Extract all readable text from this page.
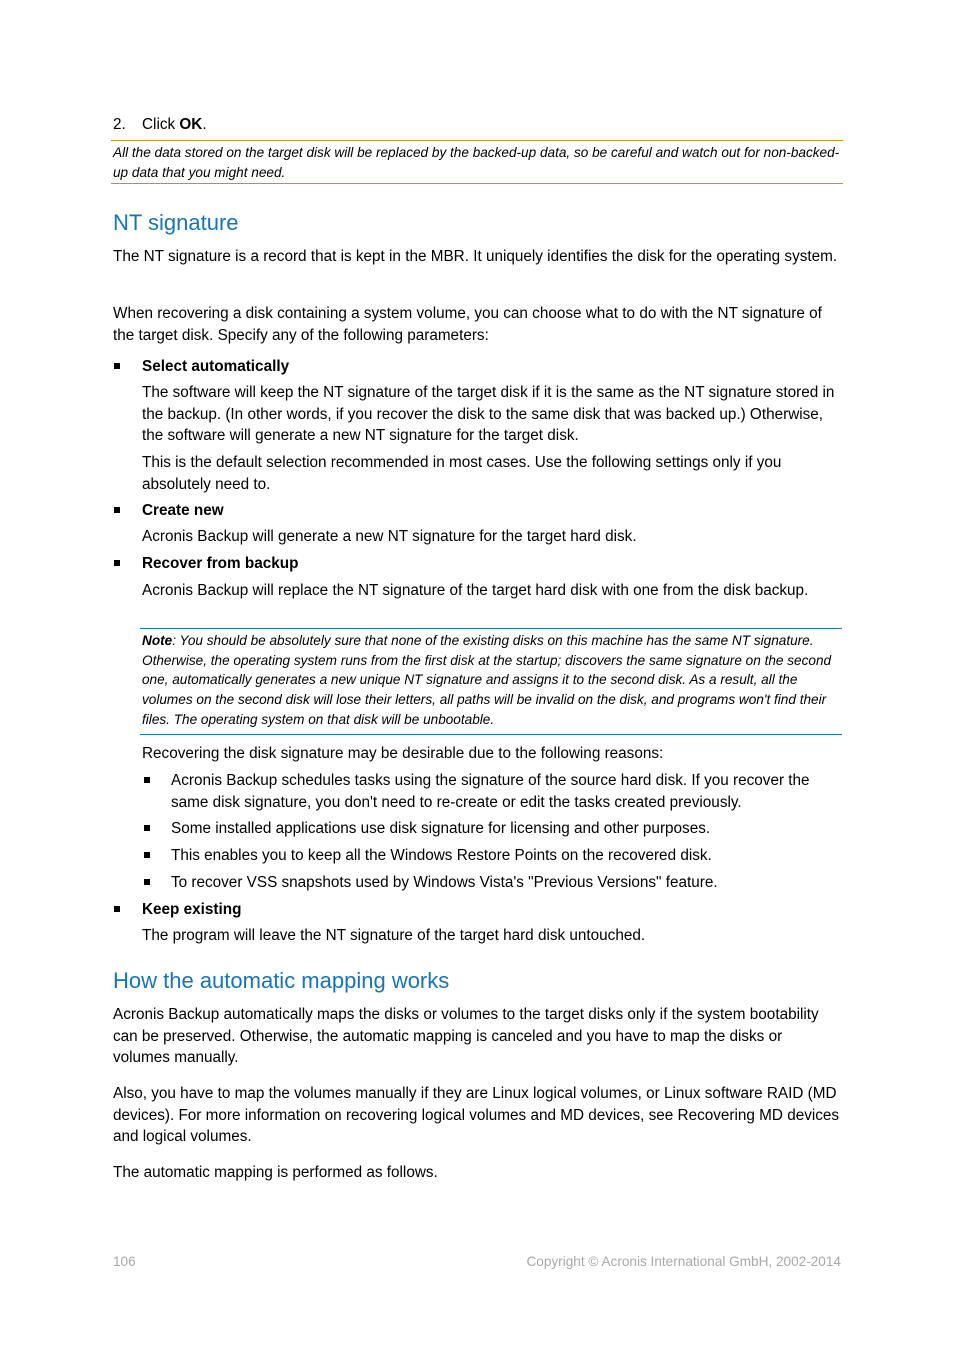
2. Click OK.

All the data stored on the target disk will be replaced by the backed-up data, so be careful and watch out for non-backed-up data that you might need.

NT signature

The NT signature is a record that is kept in the MBR. It uniquely identifies the disk for the operating system.

When recovering a disk containing a system volume, you can choose what to do with the NT signature of the target disk. Specify any of the following parameters:

Select automatically

The software will keep the NT signature of the target disk if it is the same as the NT signature stored in the backup. (In other words, if you recover the disk to the same disk that was backed up.) Otherwise, the software will generate a new NT signature for the target disk.

This is the default selection recommended in most cases. Use the following settings only if you absolutely need to.

Create new

Acronis Backup will generate a new NT signature for the target hard disk.

Recover from backup

Acronis Backup will replace the NT signature of the target hard disk with one from the disk backup.

Note: You should be absolutely sure that none of the existing disks on this machine has the same NT signature. Otherwise, the operating system runs from the first disk at the startup; discovers the same signature on the second one, automatically generates a new unique NT signature and assigns it to the second disk. As a result, all the volumes on the second disk will lose their letters, all paths will be invalid on the disk, and programs won't find their files. The operating system on that disk will be unbootable.

Recovering the disk signature may be desirable due to the following reasons:

Acronis Backup schedules tasks using the signature of the source hard disk. If you recover the same disk signature, you don't need to re-create or edit the tasks created previously.

Some installed applications use disk signature for licensing and other purposes.

This enables you to keep all the Windows Restore Points on the recovered disk.

To recover VSS snapshots used by Windows Vista's "Previous Versions" feature.

Keep existing

The program will leave the NT signature of the target hard disk untouched.

How the automatic mapping works

Acronis Backup automatically maps the disks or volumes to the target disks only if the system bootability can be preserved. Otherwise, the automatic mapping is canceled and you have to map the disks or volumes manually.

Also, you have to map the volumes manually if they are Linux logical volumes, or Linux software RAID (MD devices). For more information on recovering logical volumes and MD devices, see Recovering MD devices and logical volumes.

The automatic mapping is performed as follows.

106	Copyright © Acronis International GmbH, 2002-2014
